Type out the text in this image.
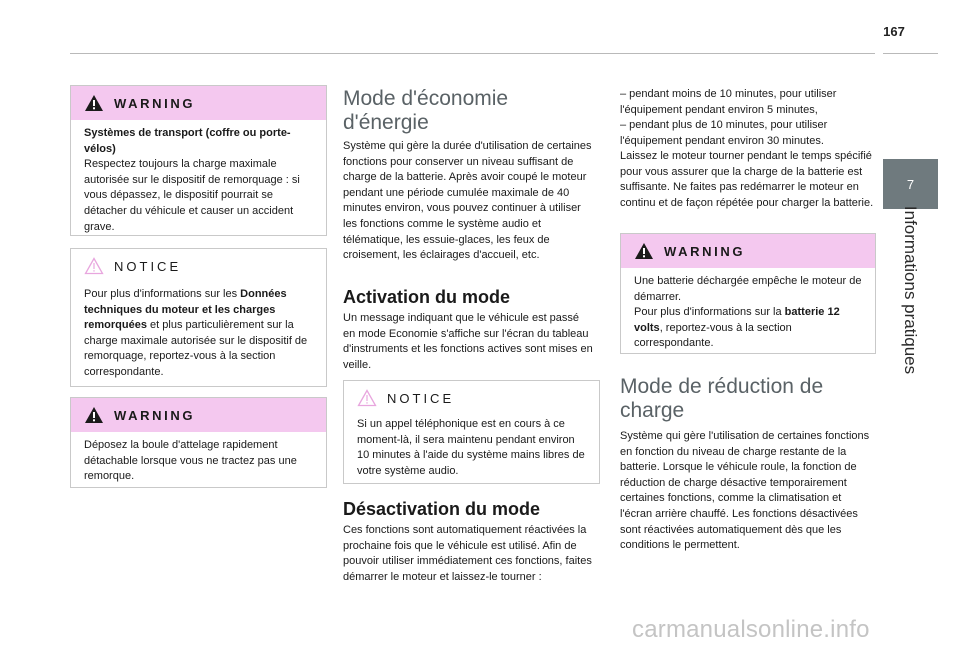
167
7
Informations pratiques
WARNING
Systèmes de transport (coffre ou porte-vélos)
Respectez toujours la charge maximale autorisée sur le dispositif de remorquage : si vous dépassez, le dispositif pourrait se détacher du véhicule et causer un accident grave.
NOTICE
Pour plus d'informations sur les Données techniques du moteur et les charges remorquées et plus particulièrement sur la charge maximale autorisée sur le dispositif de remorquage, reportez-vous à la section correspondante.
WARNING
Déposez la boule d'attelage rapidement détachable lorsque vous ne tractez pas une remorque.
Mode d'économie
d'énergie

Système qui gère la durée d'utilisation de certaines fonctions pour conserver un niveau suffisant de charge de la batterie. Après avoir coupé le moteur pendant une période cumulée maximale de 40 minutes environ, vous pouvez continuer à utiliser les fonctions comme le système audio et télématique, les essuie-glaces, les feux de croisement, les éclairages d'accueil, etc.

Activation du mode

Un message indiquant que le véhicule est passé en mode Economie s'affiche sur l'écran du tableau d'instruments et les fonctions actives sont mises en veille.

NOTICE
Si un appel téléphonique est en cours à ce moment-là, il sera maintenu pendant environ 10 minutes à l'aide du système mains libres de votre système audio.
Désactivation du mode

Ces fonctions sont automatiquement réactivées la prochaine fois que le véhicule est utilisé. Afin de pouvoir utiliser immédiatement ces fonctions, faites démarrer le moteur et laissez-le tourner :

– pendant moins de 10 minutes, pour utiliser l'équipement pendant environ 5 minutes,

– pendant plus de 10 minutes, pour utiliser l'équipement pendant environ 30 minutes.

Laissez le moteur tourner pendant le temps spécifié pour vous assurer que la charge de la batterie est suffisante. Ne faites pas redémarrer le moteur en continu et de façon répétée pour charger la batterie.

WARNING
Une batterie déchargée empêche le moteur de démarrer.
Pour plus d'informations sur la batterie 12 volts, reportez-vous à la section correspondante.
Mode de réduction de
charge

Système qui gère l'utilisation de certaines fonctions en fonction du niveau de charge restante de la batterie. Lorsque le véhicule roule, la fonction de réduction de charge désactive temporairement certaines fonctions, comme la climatisation et l'écran arrière chauffé. Les fonctions désactivées sont réactivées automatiquement dès que les conditions le permettent.

carmanualsonline.info
